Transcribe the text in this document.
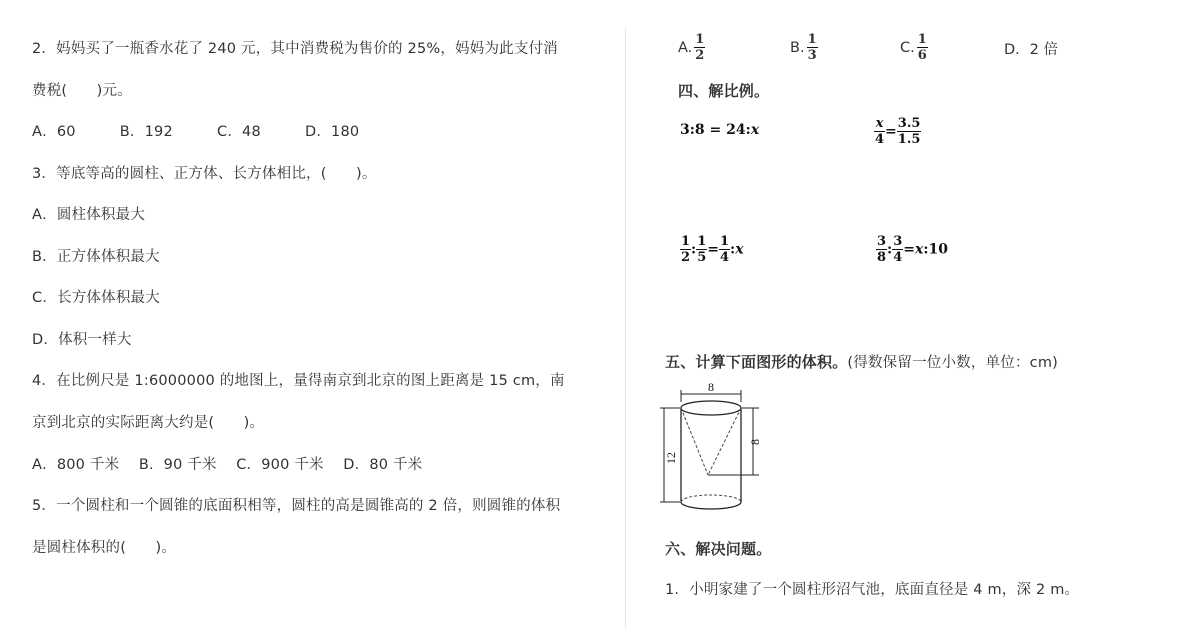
2．妈妈买了一瓶香水花了 240 元，其中消费税为售价的 25%，妈妈为此支付消
费税(　　)元。
A．60　　　B．192　　　C．48　　　D．180
3．等底等高的圆柱、正方体、长方体相比，(　　)。
A．圆柱体积最大
B．正方体体积最大
C．长方体体积最大
D．体积一样大
4．在比例尺是 1:6000000 的地图上，量得南京到北京的图上距离是 15 cm，南
京到北京的实际距离大约是(　　)。
A．800 千米　 B．90 千米　 C．900 千米　 D．80 千米
5．一个圆柱和一个圆锥的底面积相等，圆柱的高是圆锥高的 2 倍，则圆锥的体积
是圆柱体积的(　　)。
A. $\frac{1}{2}$	B. $\frac{1}{3}$	C. $\frac{1}{6}$	D．2 倍
四、解比例。
3:8 = 24:x	$\frac{x}{4} = \frac{3.5}{1.5}$
$\frac{1}{2}$ : $\frac{1}{5} = \frac{1}{4}$ :x	$\frac{3}{8}$ : $\frac{3}{4}$ =x:10
五、计算下面图形的体积。(得数保留一位小数，单位：cm)
8
8
12
六、解决问题。
1．小明家建了一个圆柱形沼气池，底面直径是 4 m，深 2 m。
